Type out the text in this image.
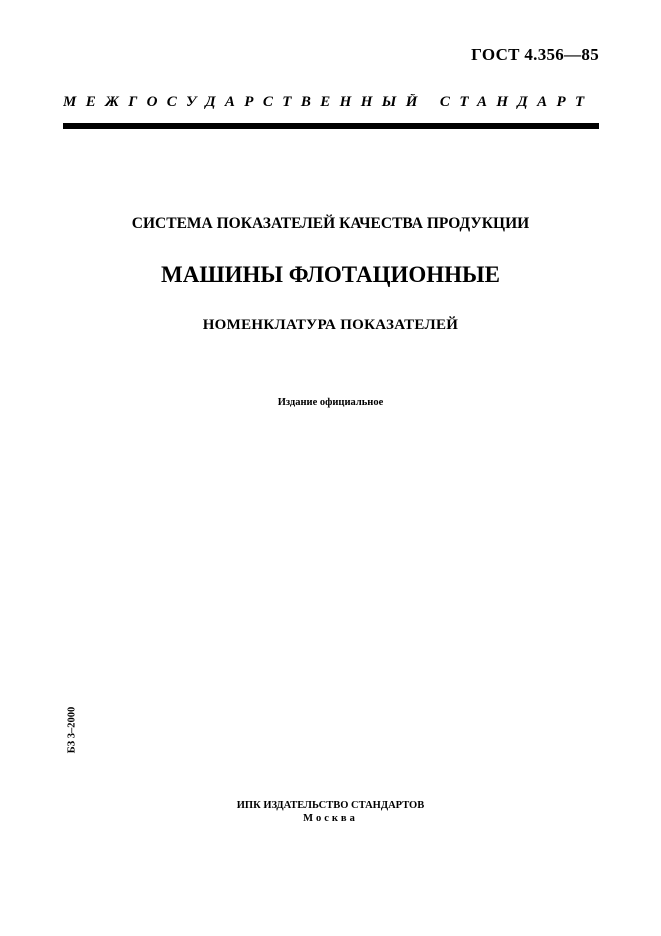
ГОСТ 4.356—85
МЕЖГОСУДАРСТВЕННЫЙ СТАНДАРТ
СИСТЕМА ПОКАЗАТЕЛЕЙ КАЧЕСТВА ПРОДУКЦИИ
МАШИНЫ ФЛОТАЦИОННЫЕ
НОМЕНКЛАТУРА ПОКАЗАТЕЛЕЙ
Издание официальное
БЗ 3–2000
ИПК ИЗДАТЕЛЬСТВО СТАНДАРТОВ
Москва
